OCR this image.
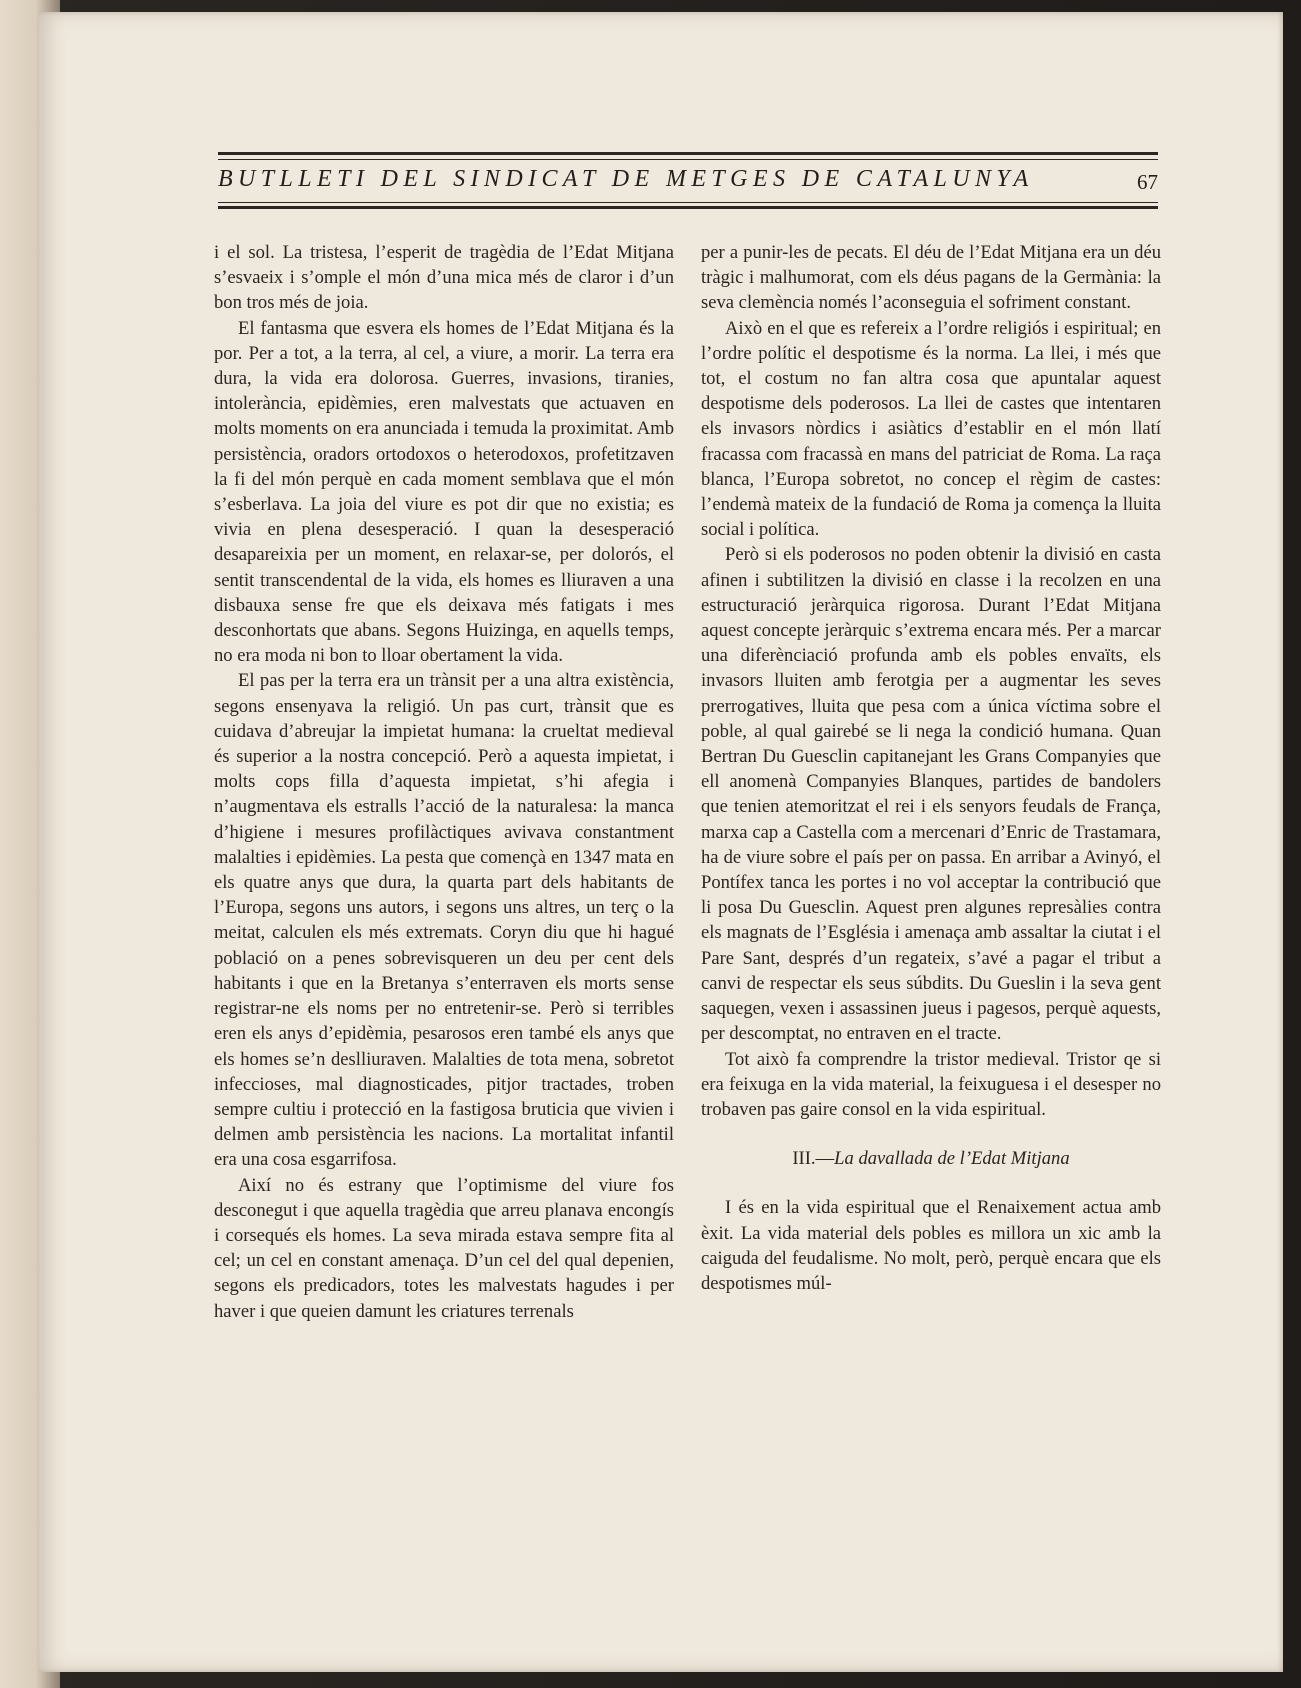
BUTLLETI DEL SINDICAT DE METGES DE CATALUNYA	67

i el sol. La tristesa, l’esperit de tragèdia de l’Edat Mitjana s’esvaeix i s’omple el món d’una mica més de claror i d’un bon tros més de joia.

El fantasma que esvera els homes de l’Edat Mitjana és la por. Per a tot, a la terra, al cel, a viure, a morir. La terra era dura, la vida era dolorosa. Guerres, invasions, tiranies, intolerància, epidèmies, eren malvestats que actuaven en molts moments on era anunciada i temuda la proximitat. Amb persistència, oradors ortodoxos o heterodoxos, profetitzaven la fi del món perquè en cada moment semblava que el món s’esberlava. La joia del viure es pot dir que no existia; es vivia en plena desesperació. I quan la desesperació desapareixia per un moment, en relaxar-se, per dolorós, el sentit transcendental de la vida, els homes es lliuraven a una disbauxa sense fre que els deixava més fatigats i mes desconhortats que abans. Segons Huizinga, en aquells temps, no era moda ni bon to lloar obertament la vida.

El pas per la terra era un trànsit per a una altra existència, segons ensenyava la religió. Un pas curt, trànsit que es cuidava d’abreujar la impietat humana: la crueltat medieval és superior a la nostra concepció. Però a aquesta impietat, i molts cops filla d’aquesta impietat, s’hi afegia i n’augmentava els estralls l’acció de la naturalesa: la manca d’higiene i mesures profilàctiques avivava constantment malalties i epidèmies. La pesta que començà en 1347 mata en els quatre anys que dura, la quarta part dels habitants de l’Europa, segons uns autors, i segons uns altres, un terç o la meitat, calculen els més extremats. Coryn diu que hi hagué població on a penes sobrevisqueren un deu per cent dels habitants i que en la Bretanya s’enterraven els morts sense registrar-ne els noms per no entretenir-se. Però si terribles eren els anys d’epidèmia, pesarosos eren també els anys que els homes se’n deslliuraven. Malalties de tota mena, sobretot infeccioses, mal diagnosticades, pitjor tractades, troben sempre cultiu i protecció en la fastigosa bruticia que vivien i delmen amb persistència les nacions. La mortalitat infantil era una cosa esgarrifosa.

Així no és estrany que l’optimisme del viure fos desconegut i que aquella tragèdia que arreu planava encongís i corsequés els homes. La seva mirada estava sempre fita al cel; un cel en constant amenaça. D’un cel del qual depenien, segons els predicadors, totes les malvestats hagudes i per haver i que queien damunt les criatures terrenals

per a punir-les de pecats. El déu de l’Edat Mitjana era un déu tràgic i malhumorat, com els déus pagans de la Germània: la seva clemència només l’aconseguia el sofriment constant.

Això en el que es refereix a l’ordre religiós i espiritual; en l’ordre polític el despotisme és la norma. La llei, i més que tot, el costum no fan altra cosa que apuntalar aquest despotisme dels poderosos. La llei de castes que intentaren els invasors nòrdics i asiàtics d’establir en el món llatí fracassa com fracassà en mans del patriciat de Roma. La raça blanca, l’Europa sobretot, no concep el règim de castes: l’endemà mateix de la fundació de Roma ja comença la lluita social i política.

Però si els poderosos no poden obtenir la divisió en casta afinen i subtilitzen la divisió en classe i la recolzen en una estructuració jeràrquica rigorosa. Durant l’Edat Mitjana aquest concepte jeràrquic s’extrema encara més. Per a marcar una diferènciació profunda amb els pobles envaïts, els invasors lluiten amb ferotgia per a augmentar les seves prerrogatives, lluita que pesa com a única víctima sobre el poble, al qual gairebé se li nega la condició humana. Quan Bertran Du Guesclin capitanejant les Grans Companyies que ell anomenà Companyies Blanques, partides de bandolers que tenien atemoritzat el rei i els senyors feudals de França, marxa cap a Castella com a mercenari d’Enric de Trastamara, ha de viure sobre el país per on passa. En arribar a Avinyó, el Pontífex tanca les portes i no vol acceptar la contribució que li posa Du Guesclin. Aquest pren algunes represàlies contra els magnats de l’Església i amenaça amb assaltar la ciutat i el Pare Sant, després d’un regateix, s’avé a pagar el tribut a canvi de respectar els seus súbdits. Du Gueslin i la seva gent saquegen, vexen i assassinen jueus i pagesos, perquè aquests, per descomptat, no entraven en el tracte.

Tot això fa comprendre la tristor medieval. Tristor qe si era feixuga en la vida material, la feixuguesa i el desesper no trobaven pas gaire consol en la vida espiritual.

III.—La davallada de l’Edat Mitjana

I és en la vida espiritual que el Renaixement actua amb èxit. La vida material dels pobles es millora un xic amb la caiguda del feudalisme. No molt, però, perquè encara que els despotismes múl-
